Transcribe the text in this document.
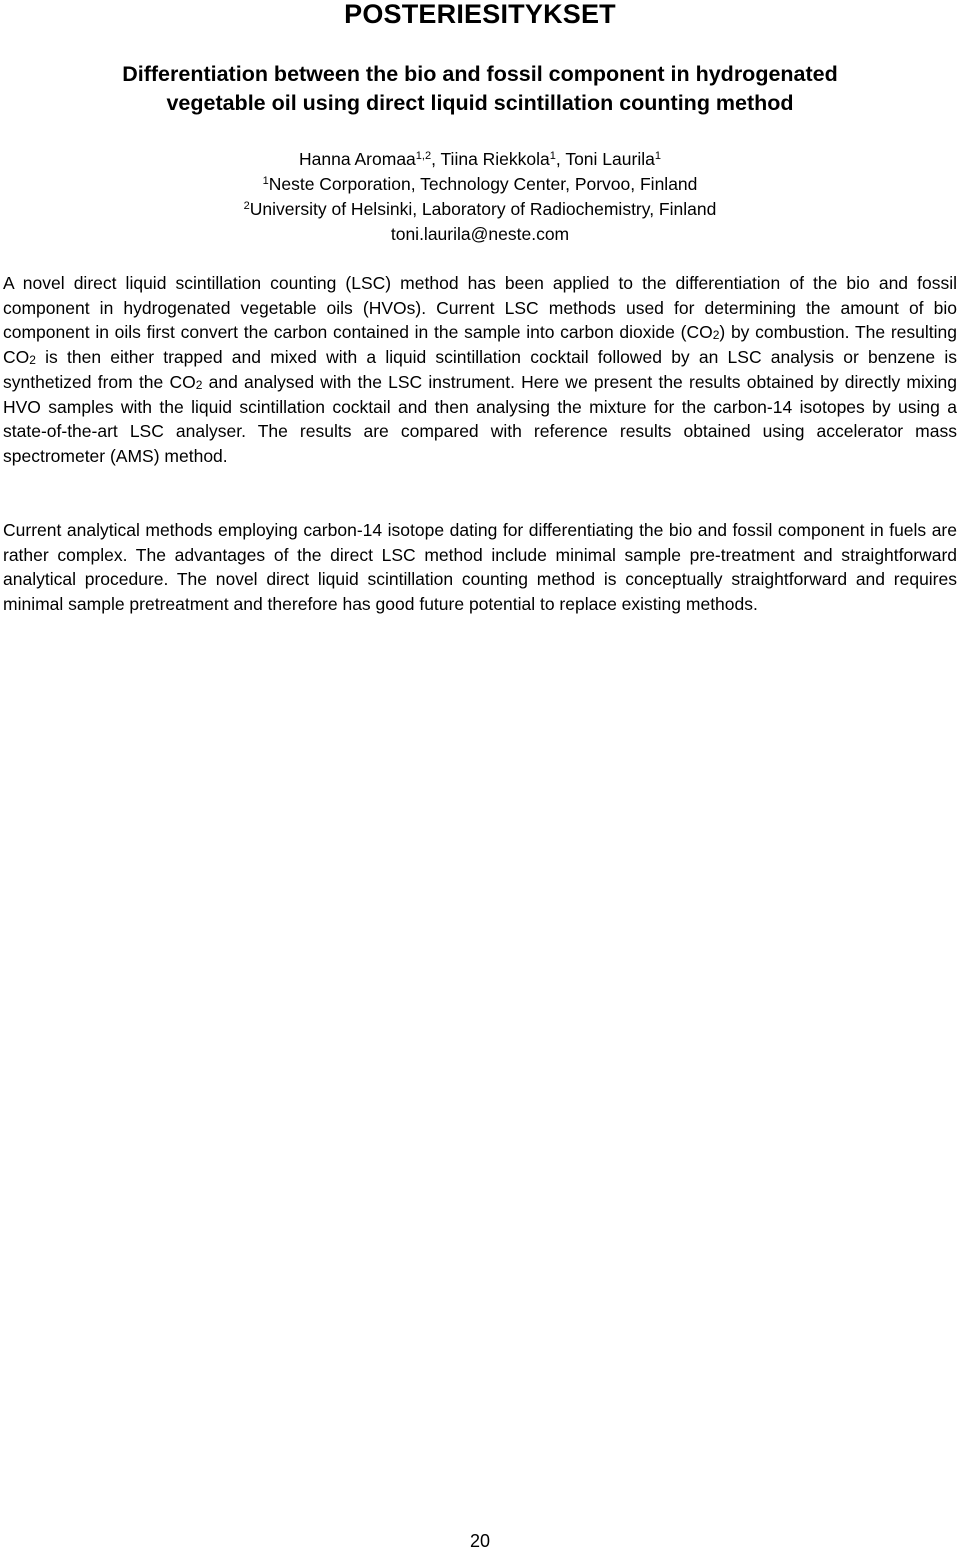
POSTERIESITYKSET
Differentiation between the bio and fossil component in hydrogenated
vegetable oil using direct liquid scintillation counting method
Hanna Aromaa$^{1,2}$, Tiina Riekkola$^1$, Toni Laurila$^1$
$^1$Neste Corporation, Technology Center, Porvoo, Finland
$^2$University of Helsinki, Laboratory of Radiochemistry, Finland
toni.laurila@neste.com

A novel direct liquid scintillation counting (LSC) method has been applied to the differentiation of the bio and fossil component in hydrogenated vegetable oils (HVOs). Current LSC methods used for determining the amount of bio component in oils first convert the carbon contained in the sample into carbon dioxide $(CO_2)$ by combustion. The resulting $CO_2$ is then either trapped and mixed with a liquid scintillation cocktail followed by an LSC analysis or benzene is synthetized from the $CO_2$ and analysed with the LSC instrument. Here we present the results obtained by directly mixing HVO samples with the liquid scintillation cocktail and then analysing the mixture for the carbon-14 isotopes by using a state-of-the-art LSC analyser. The results are compared with reference results obtained using accelerator mass spectrometer (AMS) method.

Current analytical methods employing carbon-14 isotope dating for differentiating the bio and fossil component in fuels are rather complex. The advantages of the direct LSC method include minimal sample pre-treatment and straightforward analytical procedure. The novel direct liquid scintillation counting method is conceptually straightforward and requires minimal sample pretreatment and therefore has good future potential to replace existing methods.

20
